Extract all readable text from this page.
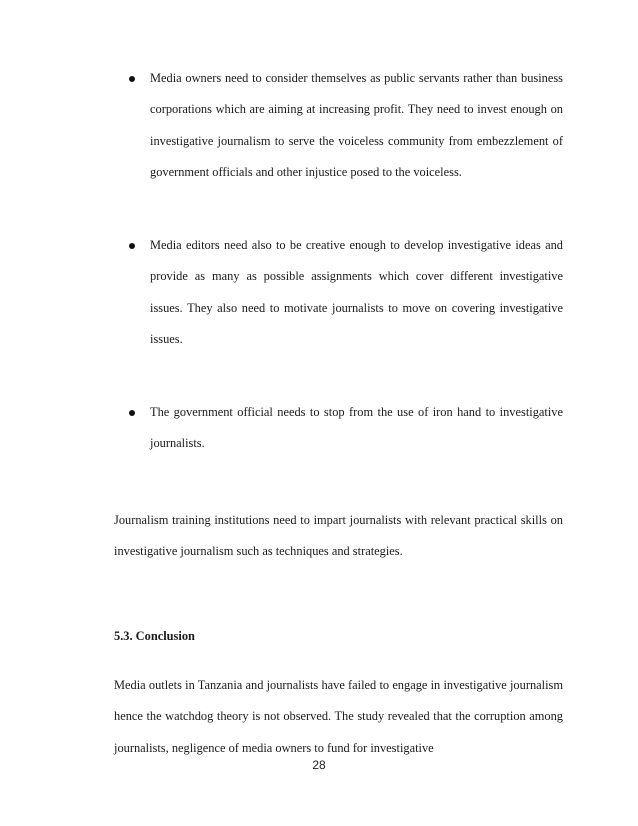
Media owners need to consider themselves as public servants rather than business corporations which are aiming at increasing profit. They need to invest enough on investigative journalism to serve the voiceless community from embezzlement of government officials and other injustice posed to the voiceless.
Media editors need also to be creative enough to develop investigative ideas and provide as many as possible assignments which cover different investigative issues. They also need to motivate journalists to move on covering investigative issues.
The government official needs to stop from the use of iron hand to investigative journalists.
Journalism training institutions need to impart journalists with relevant practical skills on investigative journalism such as techniques and strategies.
5.3. Conclusion
Media outlets in Tanzania and journalists have failed to engage in investigative journalism hence the watchdog theory is not observed. The study revealed that the corruption among journalists, negligence of media owners to fund for investigative
28
